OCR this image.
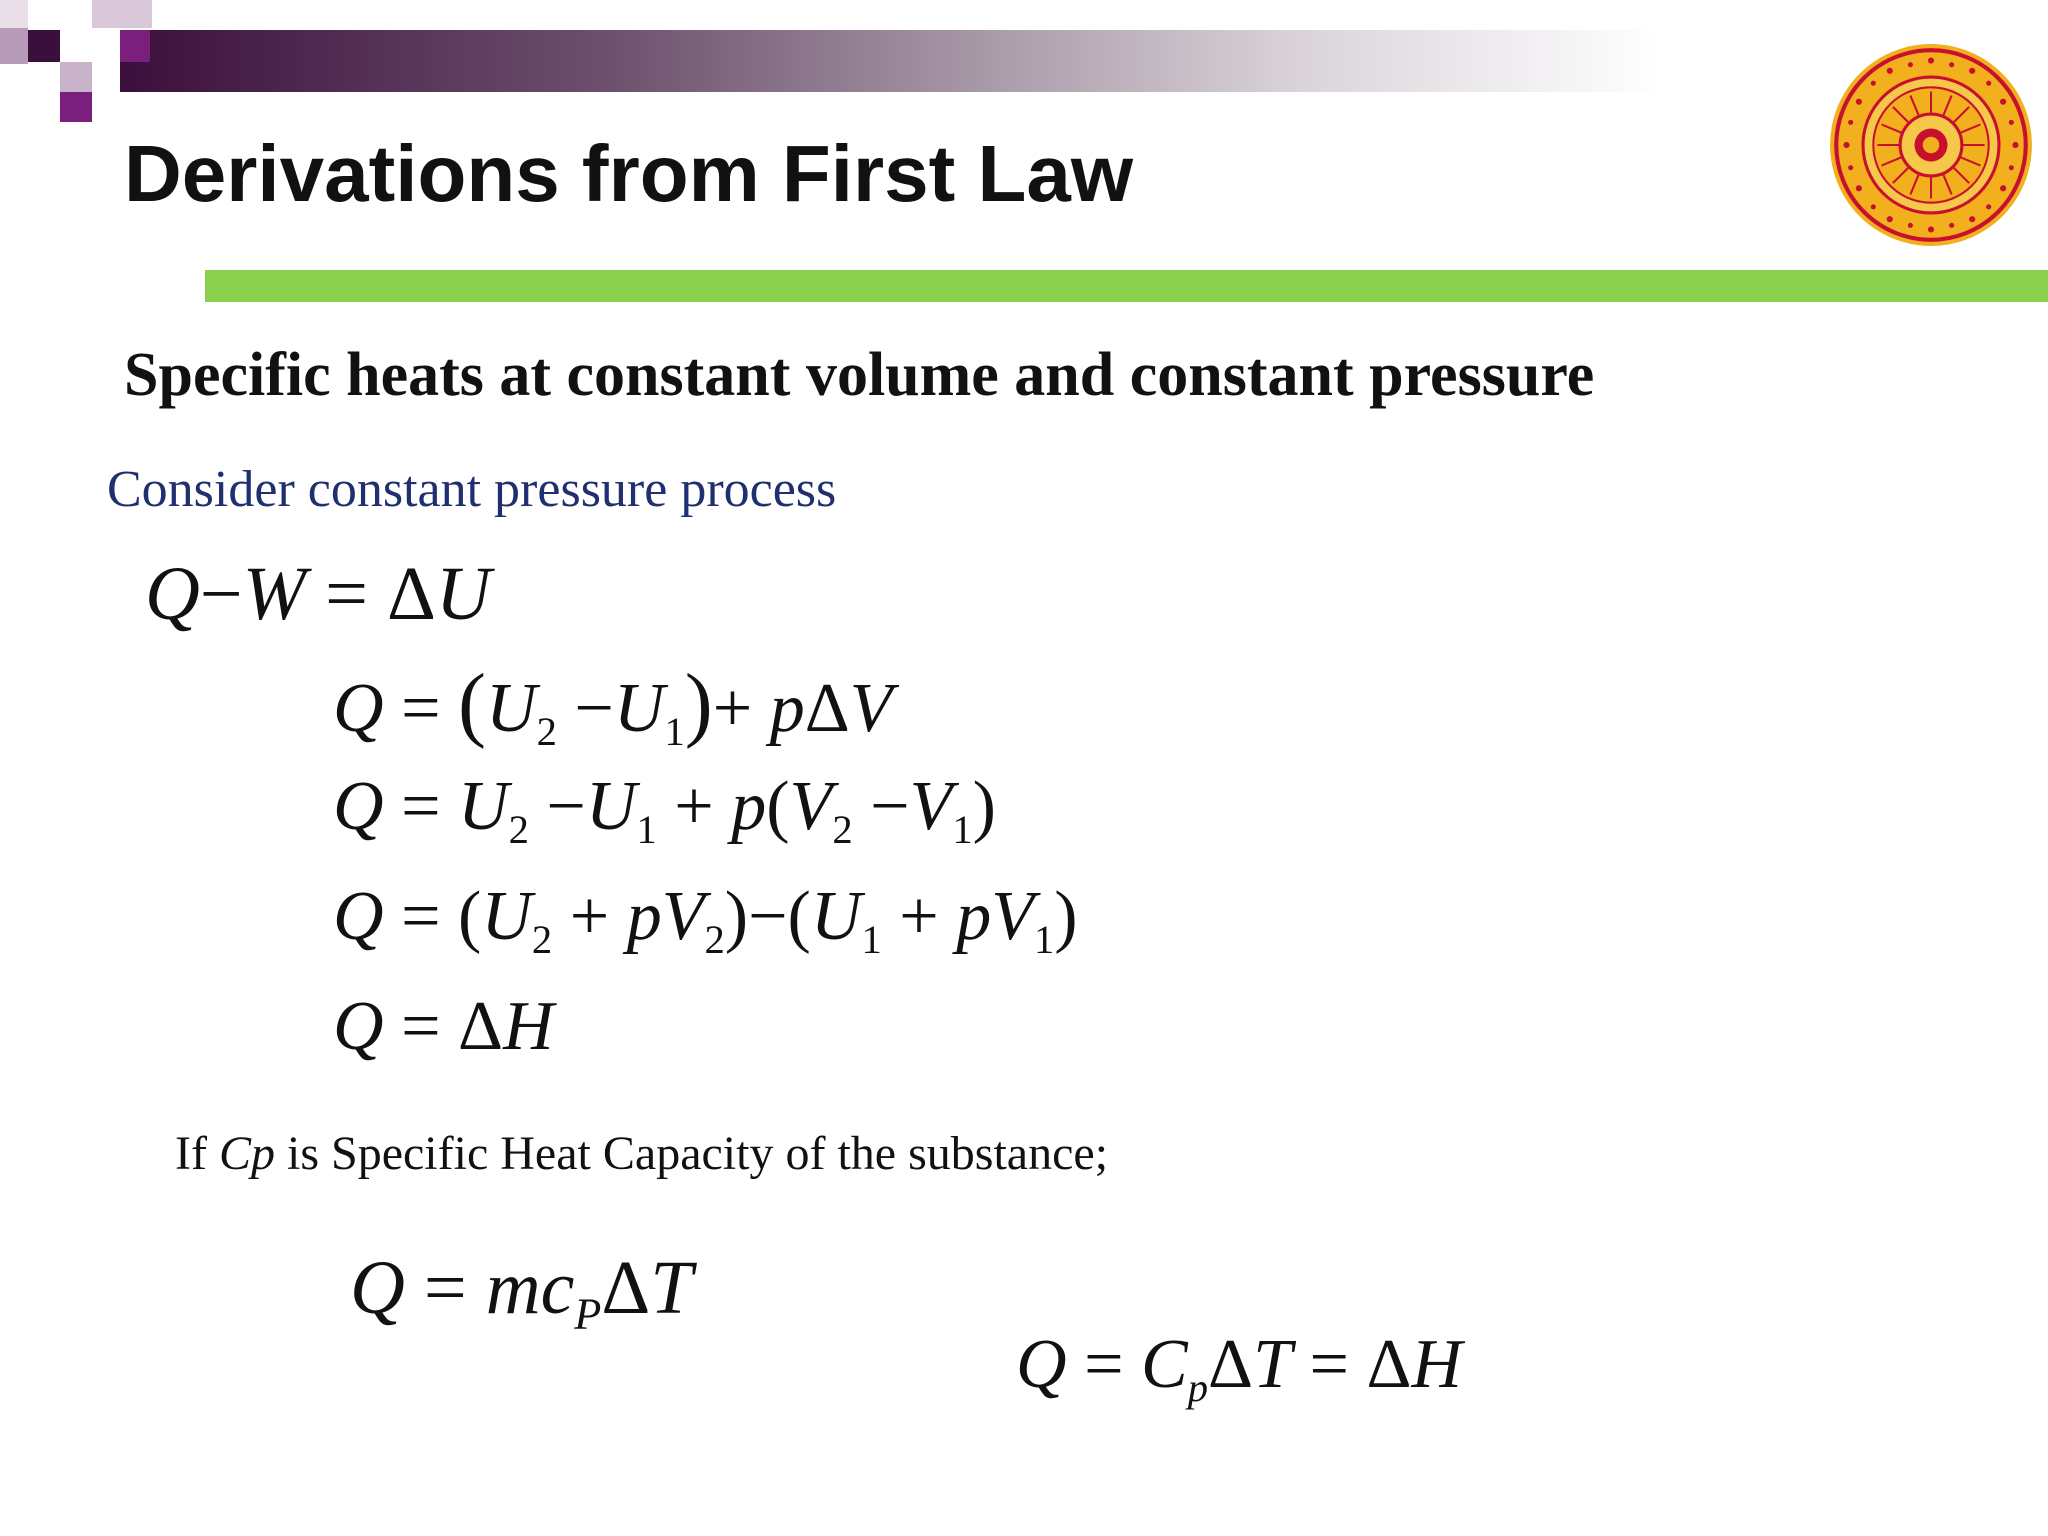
Derivations from First Law
Specific heats at constant volume and constant pressure
Consider constant pressure process
Q−W = ΔU
$Q = (U_2 -U_1)+ p\Delta V$
$Q = U_2 -U_1 + p(V_2 -V_1)$
$Q = (U_2 + pV_2)-(U_1 + pV_1)$
Q = ΔH
If Cp is Specific Heat Capacity of the substance;
$Q = mc_P\Delta T$
$Q = C_p\Delta T = \Delta H$
